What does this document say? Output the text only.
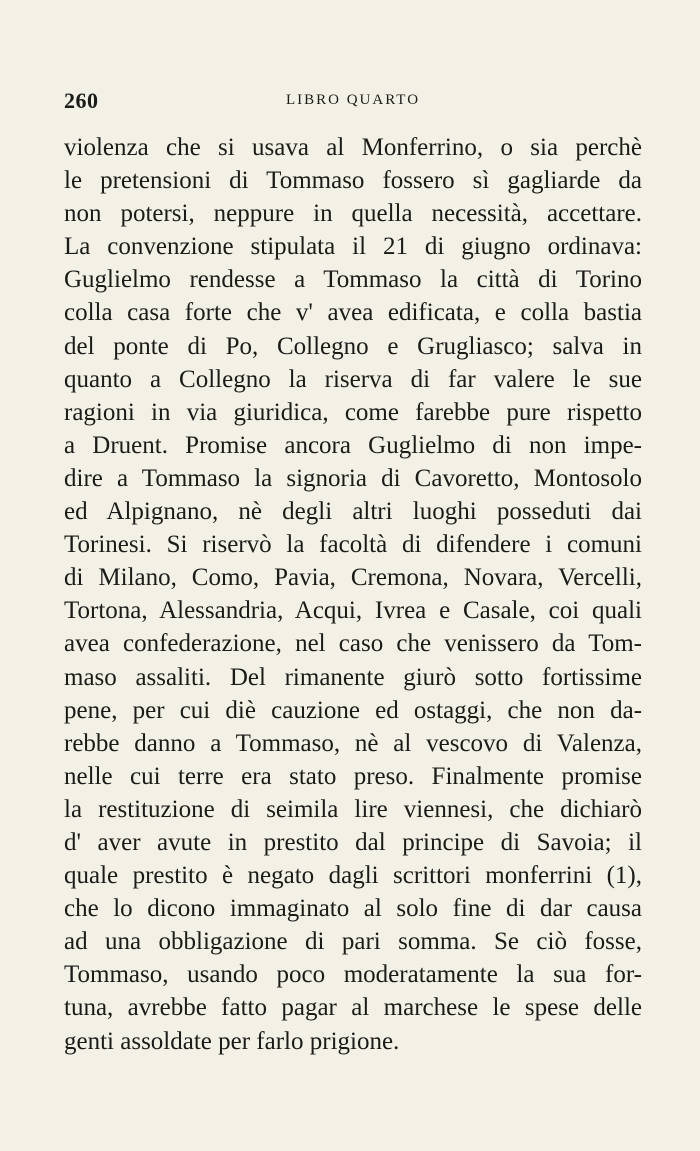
260	LIBRO QUARTO
violenza che si usava al Monferrino, o sia perchè
le pretensioni di Tommaso fossero sì gagliarde da
non potersi, neppure in quella necessità, accettare.
La convenzione stipulata il 21 di giugno ordinava:
Guglielmo rendesse a Tommaso la città di Torino
colla casa forte che v' avea edificata, e colla bastia
del ponte di Po, Collegno e Grugliasco; salva in
quanto a Collegno la riserva di far valere le sue
ragioni in via giuridica, come farebbe pure rispetto
a Druent. Promise ancora Guglielmo di non impe-
dire a Tommaso la signoria di Cavoretto, Montosolo
ed Alpignano, nè degli altri luoghi posseduti dai
Torinesi. Si riservò la facoltà di difendere i comuni
di Milano, Como, Pavia, Cremona, Novara, Vercelli,
Tortona, Alessandria, Acqui, Ivrea e Casale, coi quali
avea confederazione, nel caso che venissero da Tom-
maso assaliti. Del rimanente giurò sotto fortissime
pene, per cui diè cauzione ed ostaggi, che non da-
rebbe danno a Tommaso, nè al vescovo di Valenza,
nelle cui terre era stato preso. Finalmente promise
la restituzione di seimila lire viennesi, che dichiarò
d' aver avute in prestito dal principe di Savoia; il
quale prestito è negato dagli scrittori monferrini (1),
che lo dicono immaginato al solo fine di dar causa
ad una obbligazione di pari somma. Se ciò fosse,
Tommaso, usando poco moderatamente la sua for-
tuna, avrebbe fatto pagar al marchese le spese delle
genti assoldate per farlo prigione.
